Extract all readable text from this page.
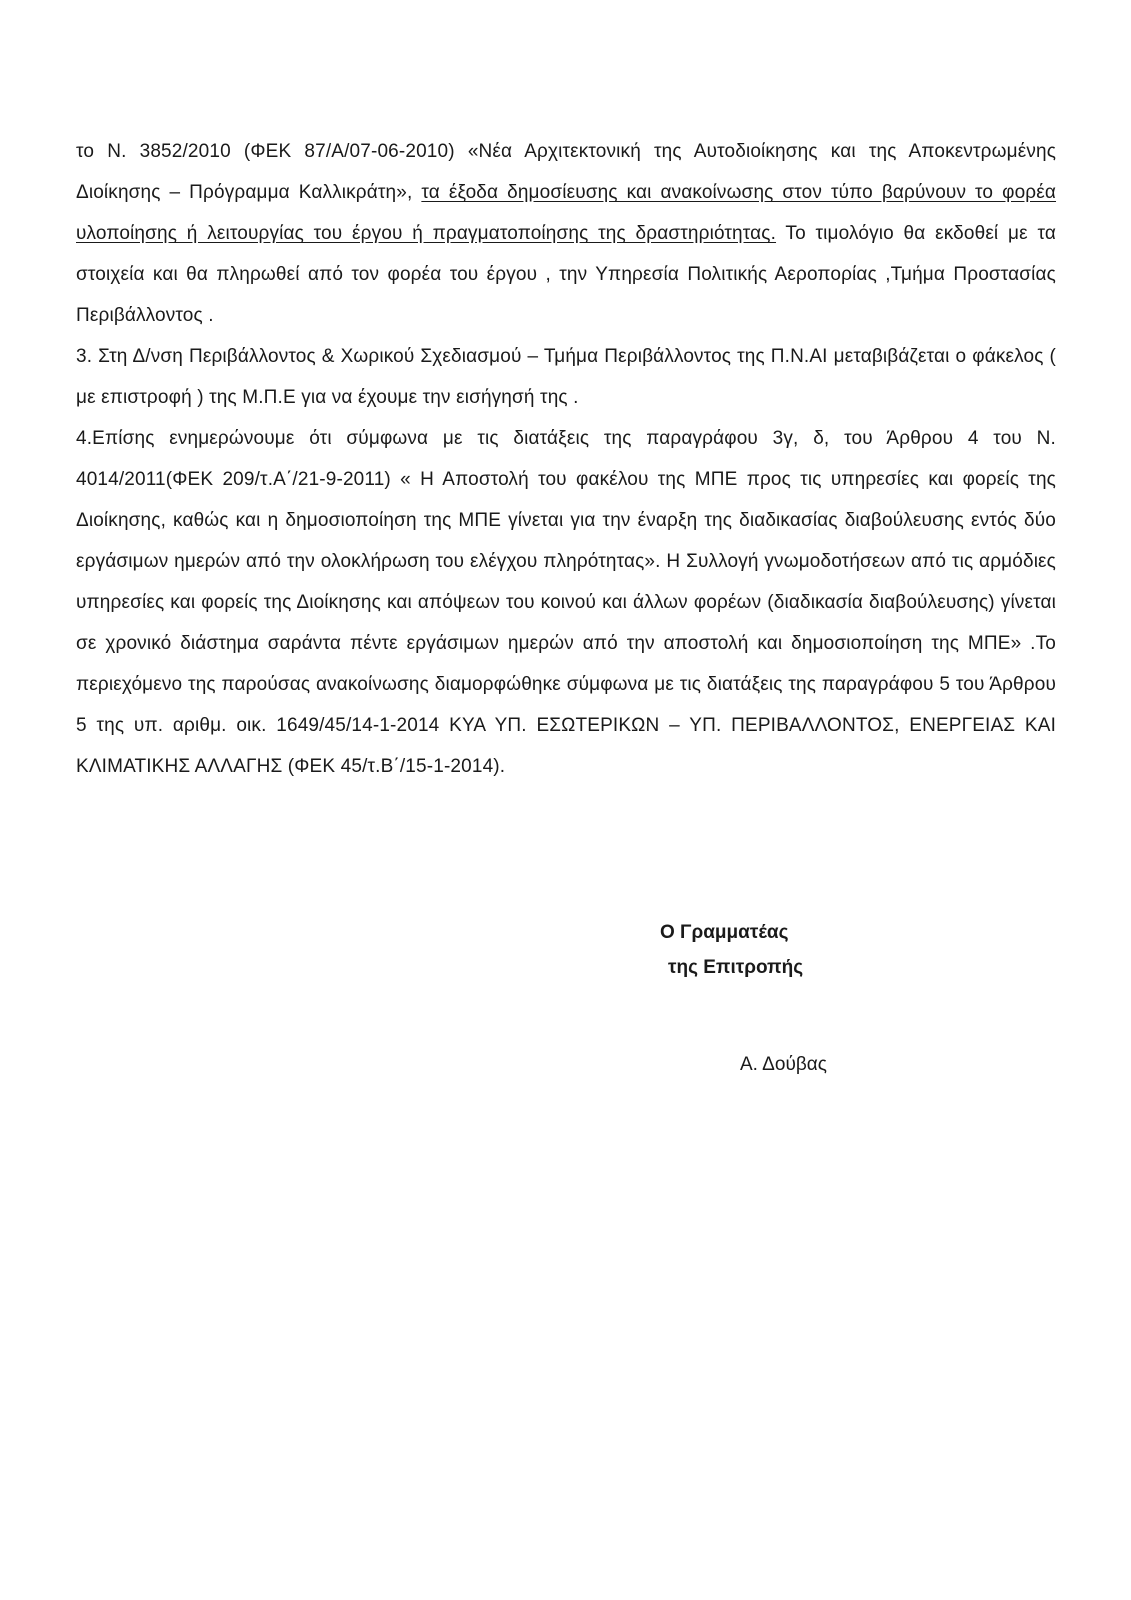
το Ν. 3852/2010 (ΦΕΚ 87/Α/07-06-2010) «Νέα Αρχιτεκτονική της Αυτοδιοίκησης και της Αποκεντρωμένης Διοίκησης – Πρόγραμμα Καλλικράτη», τα έξοδα δημοσίευσης και ανακοίνωσης στον τύπο βαρύνουν το φορέα υλοποίησης ή λειτουργίας του έργου ή πραγματοποίησης της δραστηριότητας. Το τιμολόγιο θα εκδοθεί με τα στοιχεία και θα πληρωθεί από τον φορέα του έργου , την Υπηρεσία Πολιτικής Αεροπορίας ,Τμήμα Προστασίας Περιβάλλοντος .

3. Στη Δ/νση Περιβάλλοντος & Χωρικού Σχεδιασμού – Τμήμα Περιβάλλοντος της Π.Ν.ΑΙ μεταβιβάζεται ο φάκελος ( με επιστροφή ) της Μ.Π.Ε για να έχουμε την εισήγησή της .

4.Επίσης ενημερώνουμε ότι σύμφωνα με τις διατάξεις της παραγράφου 3γ, δ, του Άρθρου 4 του Ν. 4014/2011(ΦΕΚ 209/τ.Α΄/21-9-2011) « Η Αποστολή του φακέλου της ΜΠΕ προς τις υπηρεσίες και φορείς της Διοίκησης, καθώς και η δημοσιοποίηση της ΜΠΕ γίνεται για την έναρξη της διαδικασίας διαβούλευσης εντός δύο εργάσιμων ημερών από την ολοκλήρωση του ελέγχου πληρότητας». Η Συλλογή γνωμοδοτήσεων από τις αρμόδιες υπηρεσίες και φορείς της Διοίκησης και απόψεων του κοινού και άλλων φορέων (διαδικασία διαβούλευσης) γίνεται σε χρονικό διάστημα σαράντα πέντε εργάσιμων ημερών από την αποστολή και δημοσιοποίηση της ΜΠΕ» .Το περιεχόμενο της παρούσας ανακοίνωσης διαμορφώθηκε σύμφωνα με τις διατάξεις της παραγράφου 5 του Άρθρου 5 της υπ. αριθμ. οικ. 1649/45/14-1-2014 ΚΥΑ ΥΠ. ΕΣΩΤΕΡΙΚΩΝ – ΥΠ. ΠΕΡΙΒΑΛΛΟΝΤΟΣ, ΕΝΕΡΓΕΙΑΣ ΚΑΙ ΚΛΙΜΑΤΙΚΗΣ ΑΛΛΑΓΗΣ (ΦΕΚ 45/τ.Β΄/15-1-2014).

Ο Γραμματέας
της Επιτροπής
Α. Δούβας
